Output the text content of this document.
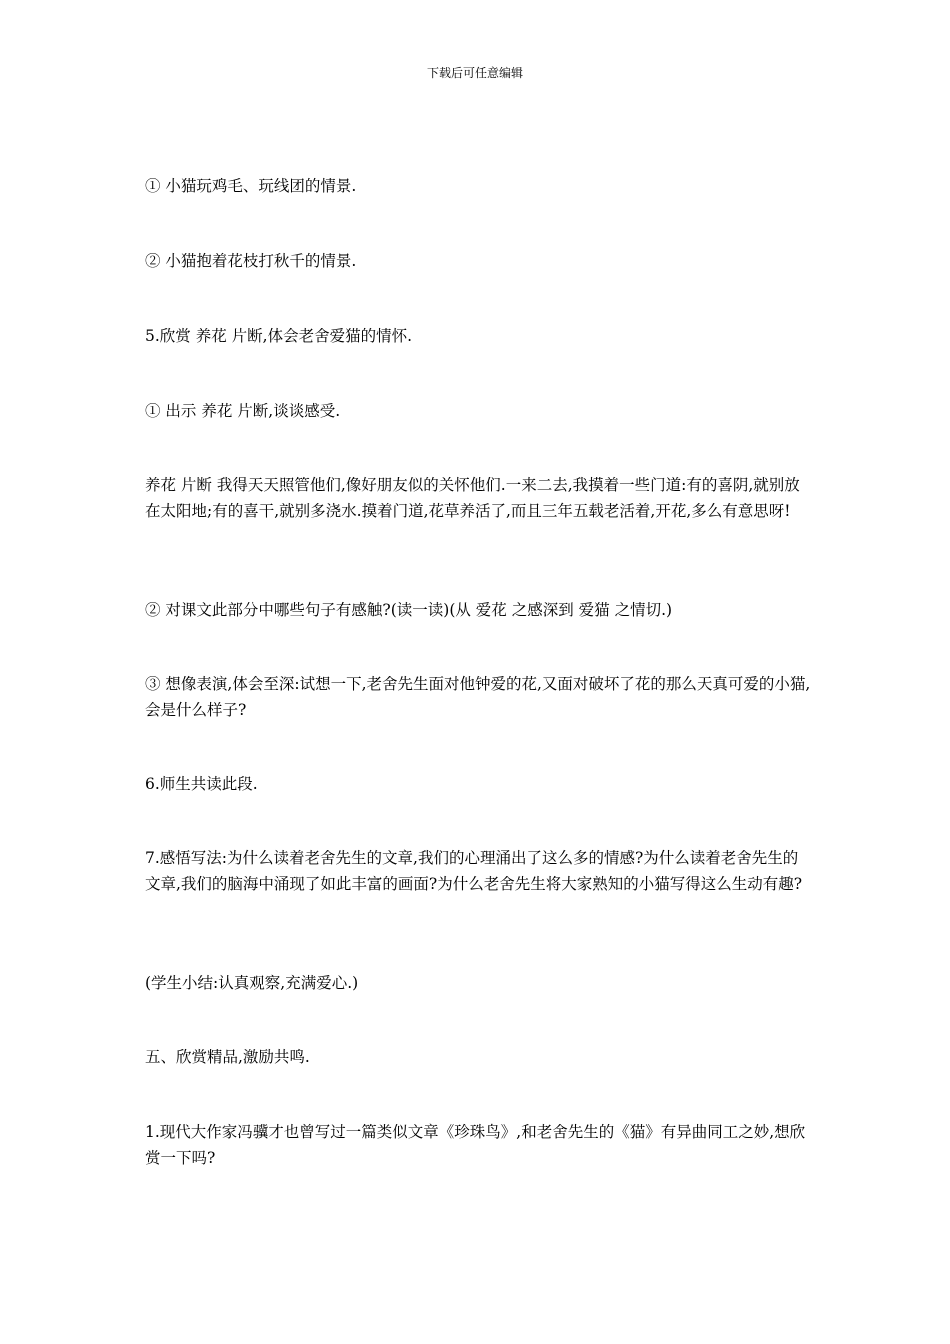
下载后可任意编辑
① 小猫玩鸡毛、玩线团的情景.
② 小猫抱着花枝打秋千的情景.
5.欣赏 养花 片断,体会老舍爱猫的情怀.
① 出示 养花 片断,谈谈感受.
养花 片断 我得天天照管他们,像好朋友似的关怀他们.一来二去,我摸着一些门道:有的喜阴,就别放在太阳地;有的喜干,就别多浇水.摸着门道,花草养活了,而且三年五载老活着,开花,多么有意思呀!
② 对课文此部分中哪些句子有感触?(读一读)(从 爱花 之感深到 爱猫 之情切.)
③ 想像表演,体会至深:试想一下,老舍先生面对他钟爱的花,又面对破坏了花的那么天真可爱的小猫,会是什么样子?
6.师生共读此段.
7.感悟写法:为什么读着老舍先生的文章,我们的心理涌出了这么多的情感?为什么读着老舍先生的文章,我们的脑海中涌现了如此丰富的画面?为什么老舍先生将大家熟知的小猫写得这么生动有趣?
(学生小结:认真观察,充满爱心.)
五、欣赏精品,激励共鸣.
1.现代大作家冯骥才也曾写过一篇类似文章《珍珠鸟》,和老舍先生的《猫》有异曲同工之妙,想欣赏一下吗?
